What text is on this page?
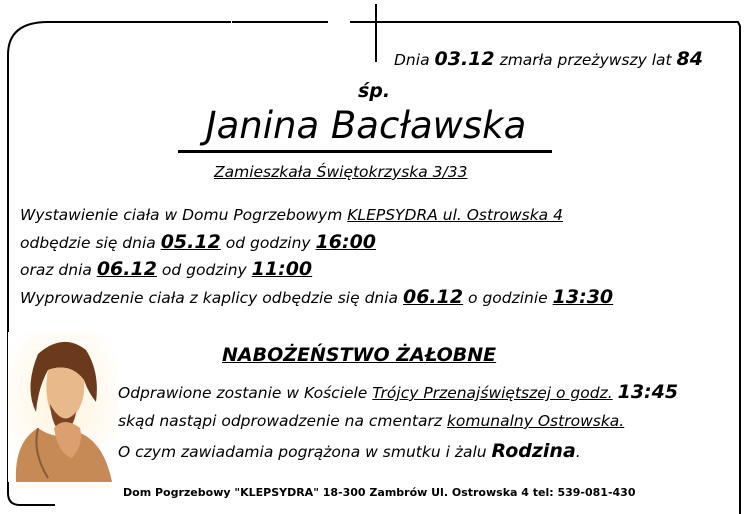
Dnia 03.12 zmarła przeżywszy lat 84
śp.
Janina Bacławska
Zamieszkała Świętokrzyska 3/33
Wystawienie ciała w Domu Pogrzebowym KLEPSYDRA ul. Ostrowska 4
odbędzie się dnia 05.12 od godziny 16:00
oraz dnia 06.12 od godziny 11:00
Wyprowadzenie ciała z kaplicy odbędzie się dnia 06.12 o godzinie 13:30
NABOŻEŃSTWO ŻAŁOBNE
Odprawione zostanie w Kościele Trójcy Przenajświętszej o godz. 13:45
skąd nastąpi odprowadzenie na cmentarz komunalny Ostrowska.
O czym zawiadamia pogrążona w smutku i żalu Rodzina.
Dom Pogrzebowy "KLEPSYDRA" 18-300 Zambrów Ul. Ostrowska 4 tel: 539-081-430
